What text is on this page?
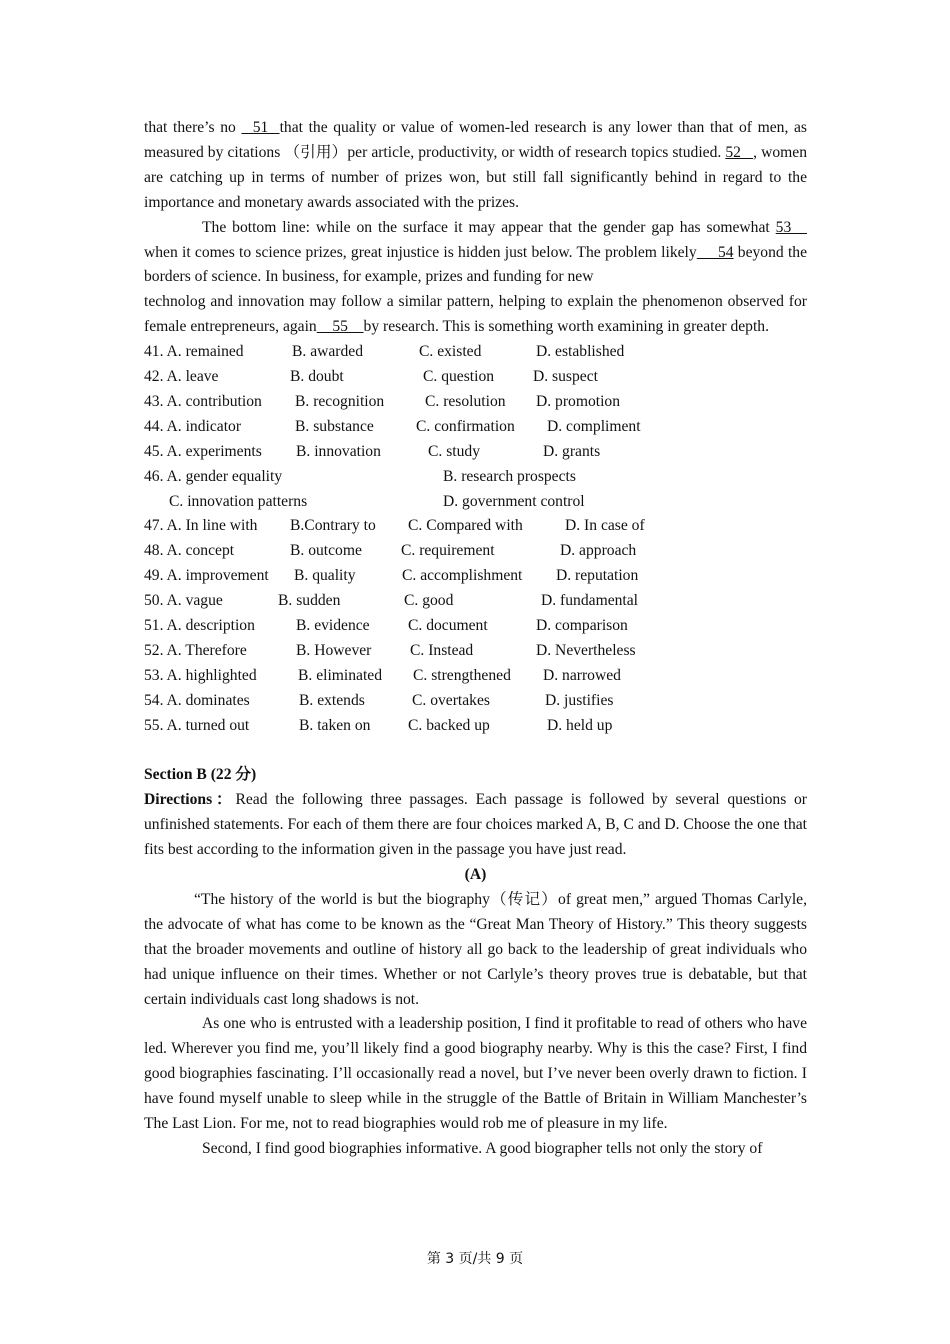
that there’s no   51  that the quality or value of women-led research is any lower than that of men, as measured by citations （引用）per article, productivity, or width of research topics studied. 52   , women are catching up in terms of number of prizes won, but still fall significantly behind in regard to the importance and monetary awards associated with the prizes.

The bottom line: while on the surface it may appear that the gender gap has somewhat 53    when it comes to science prizes, great injustice is hidden just below. The problem likely     54 beyond the borders of science. In business, for example, prizes and funding for new

technolog and innovation may follow a similar pattern, helping to explain the phenomenon observed for female entrepreneurs, again    55    by research. This is something worth examining in greater depth.

41. A. remained	B. awarded	C. existed	D. established
42. A. leave	B. doubt	C. question D. suspect
43. A. contribution B. recognition	C. resolution D. promotion
44. A. indicator	B. substance	C. confirmation D. compliment
45. A. experiments B. innovation	C. study	D. grants
46. A. gender equality	B. research prospects
C. innovation patterns	D. government control
47. A. In line with B.Contrary to C. Compared with	D. In case of
48. A. concept	B. outcome	C. requirement	D. approach
49. A. improvement B. quality	C. accomplishment D. reputation
50. A. vague	B. sudden	C. good	D. fundamental
51. A. description	B. evidence C. document	D. comparison
52. A. Therefore	B. However C. Instead	D. Nevertheless
53. A. highlighted	B. eliminated C. strengthened D. narrowed
54. A. dominates	B. extends	C. overtakes	D. justifies
55. A. turned out	B. taken on C. backed up	D. held up

Section B (22 分)

Directions：Read the following three passages. Each passage is followed by several questions or unfinished statements. For each of them there are four choices marked A, B, C and D. Choose the one that fits best according to the information given in the passage you have just read.

(A)

“The history of the world is but the biography（传记）of great men,” argued Thomas Carlyle, the advocate of what has come to be known as the “Great Man Theory of History.” This theory suggests that the broader movements and outline of history all go back to the leadership of great individuals who had unique influence on their times. Whether or not Carlyle’s theory proves true is debatable, but that certain individuals cast long shadows is not.

As one who is entrusted with a leadership position, I find it profitable to read of others who have led. Wherever you find me, you’ll likely find a good biography nearby. Why is this the case? First, I find good biographies fascinating. I’ll occasionally read a novel, but I’ve never been overly drawn to fiction. I have found myself unable to sleep while in the struggle of the Battle of Britain in William Manchester’s The Last Lion. For me, not to read biographies would rob me of pleasure in my life.

Second, I find good biographies informative. A good biographer tells not only the story of

第 3 页/共 9 页
